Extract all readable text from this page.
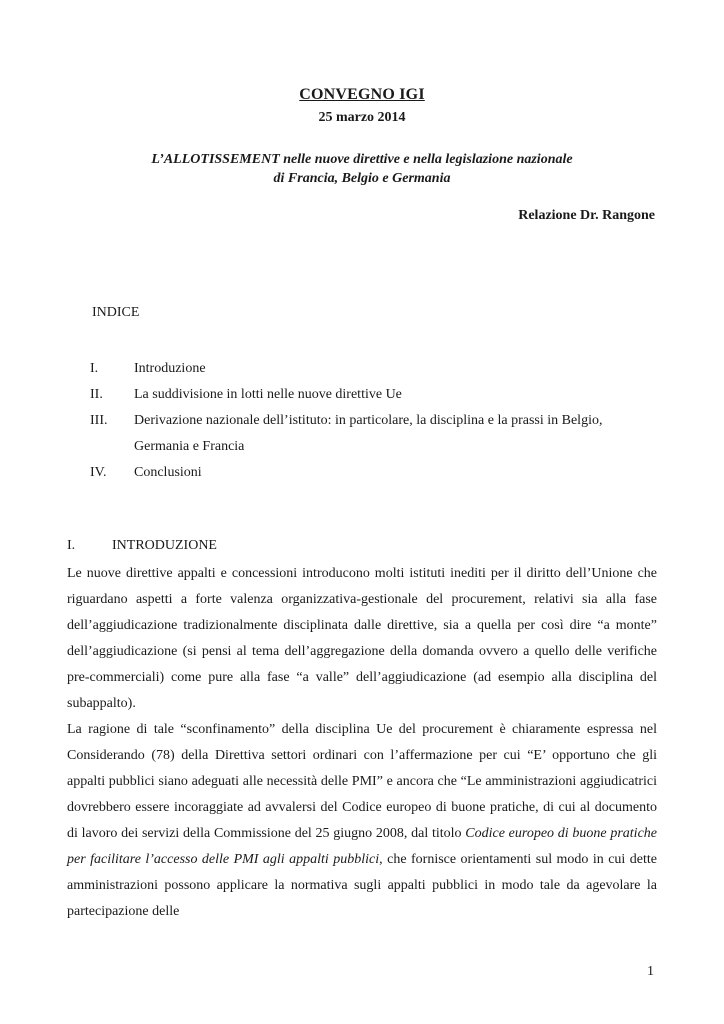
CONVEGNO IGI
25 marzo 2014
L’ALLOTISSEMENT nelle nuove direttive e nella legislazione nazionale
di Francia, Belgio e Germania
Relazione Dr. Rangone
INDICE
I.	Introduzione
II.	La suddivisione in lotti nelle nuove direttive Ue
III.	Derivazione nazionale dell’istituto: in particolare, la disciplina e la prassi in Belgio, Germania e Francia
IV.	Conclusioni
I.	INTRODUZIONE

Le nuove direttive appalti e concessioni introducono molti istituti inediti per il diritto dell’Unione che riguardano aspetti a forte valenza organizzativa-gestionale del procurement, relativi sia alla fase dell’aggiudicazione tradizionalmente disciplinata dalle direttive, sia a quella per così dire “a monte” dell’aggiudicazione (si pensi al tema dell’aggregazione della domanda ovvero a quello delle verifiche pre-commerciali) come pure alla fase “a valle” dell’aggiudicazione (ad esempio alla disciplina del subappalto).

La ragione di tale “sconfinamento” della disciplina Ue del procurement è chiaramente espressa nel Considerando (78) della Direttiva settori ordinari con l’affermazione per cui “E’ opportuno che gli appalti pubblici siano adeguati alle necessità delle PMI” e ancora che “Le amministrazioni aggiudicatrici dovrebbero essere incoraggiate ad avvalersi del Codice europeo di buone pratiche, di cui al documento di lavoro dei servizi della Commissione del 25 giugno 2008, dal titolo Codice europeo di buone pratiche per facilitare l’accesso delle PMI agli appalti pubblici, che fornisce orientamenti sul modo in cui dette amministrazioni possono applicare la normativa sugli appalti pubblici in modo tale da agevolare la partecipazione delle

1
